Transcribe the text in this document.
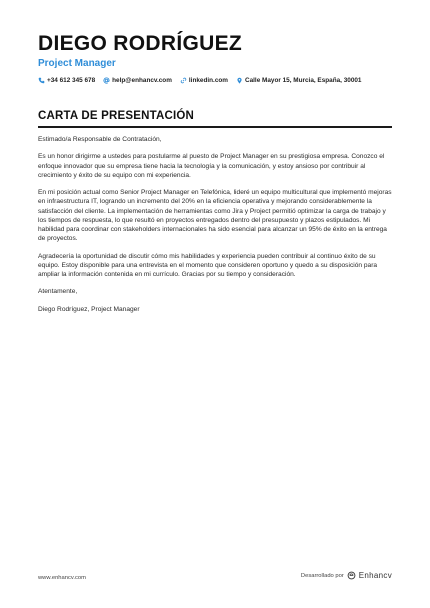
DIEGO RODRÍGUEZ
Project Manager
+34 612 345 678	help@enhancv.com	linkedin.com	Calle Mayor 15, Murcia, España, 30001
CARTA DE PRESENTACIÓN

Estimado/a Responsable de Contratación,

Es un honor dirigirme a ustedes para postularme al puesto de Project Manager en su prestigiosa empresa. Conozco el enfoque innovador que su empresa tiene hacia la tecnología y la comunicación, y estoy ansioso por contribuir al crecimiento y éxito de su equipo con mi experiencia.

En mi posición actual como Senior Project Manager en Telefónica, lideré un equipo multicultural que implementó mejoras en infraestructura IT, logrando un incremento del 20% en la eficiencia operativa y mejorando considerablemente la satisfacción del cliente. La implementación de herramientas como Jira y Project permitió optimizar la carga de trabajo y los tiempos de respuesta, lo que resultó en proyectos entregados dentro del presupuesto y plazos estipulados. Mi habilidad para coordinar con stakeholders internacionales ha sido esencial para alcanzar un 95% de éxito en la entrega de proyectos.

Agradecería la oportunidad de discutir cómo mis habilidades y experiencia pueden contribuir al continuo éxito de su equipo. Estoy disponible para una entrevista en el momento que consideren oportuno y quedo a su disposición para ampliar la información contenida en mi currículo. Gracias por su tiempo y consideración.

Atentamente,

Diego Rodríguez, Project Manager

www.enhancv.com	Desarrollado por Enhancv
